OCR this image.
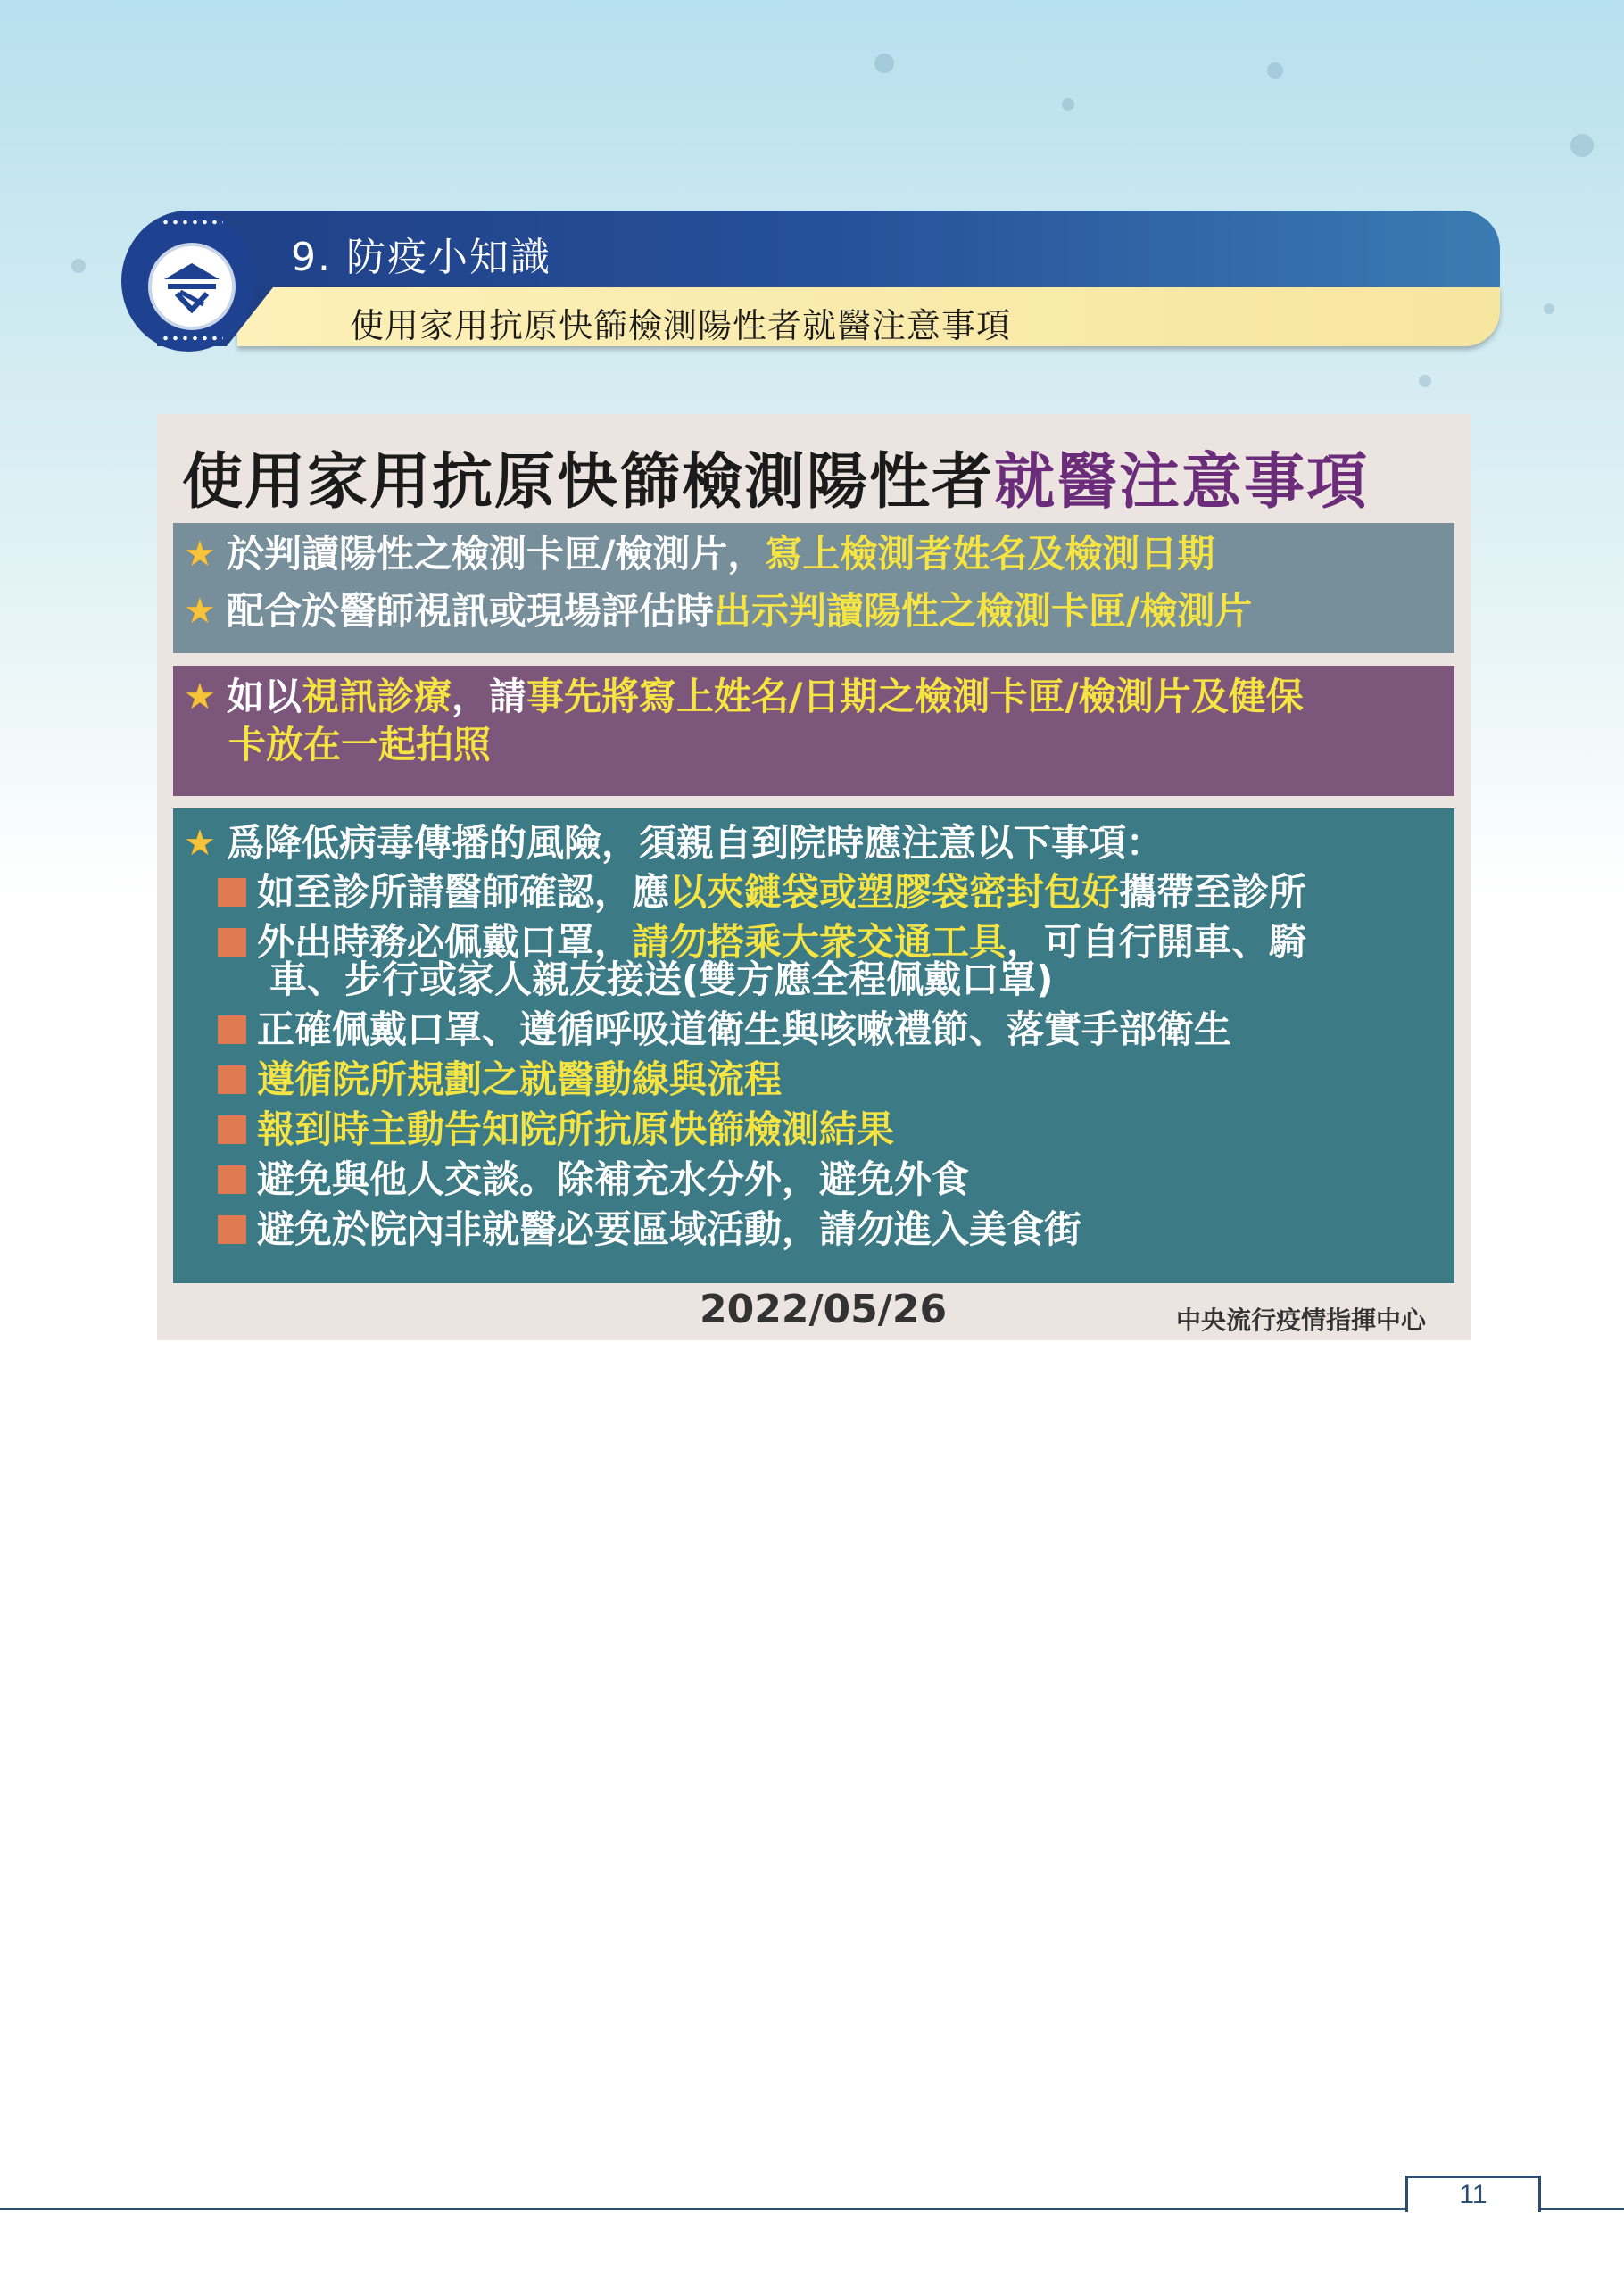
9. 防疫小知識
使用家用抗原快篩檢測陽性者就醫注意事項
使用家用抗原快篩檢測陽性者就醫注意事項
★ 於判讀陽性之檢測卡匣/檢測片， 寫上檢測者姓名及檢測日期
★ 配合於醫師視訊或現場評估時 出示判讀陽性之檢測卡匣/檢測片
★ 如以 視訊診療 ，請 事先將寫上姓名/日期之檢測卡匣/檢測片及健保
卡放在一起拍照
★ 爲降低病毒傳播的風險，須親自到院時應注意以下事項：
如至診所請醫師確認，應 以夾鏈袋或塑膠袋密封包好 攜帶至診所
外出時務必佩戴口罩， 請勿搭乘大衆交通工具 ，可自行開車、騎
車、步行或家人親友接送(雙方應全程佩戴口罩)
正確佩戴口罩、遵循呼吸道衛生與咳嗽禮節、落實手部衛生
遵循院所規劃之就醫動線與流程
報到時主動告知院所抗原快篩檢測結果
避免與他人交談。除補充水分外，避免外食
避免於院內非就醫必要區域活動，請勿進入美食街
2022/05/26	中央流行疫情指揮中心
11
